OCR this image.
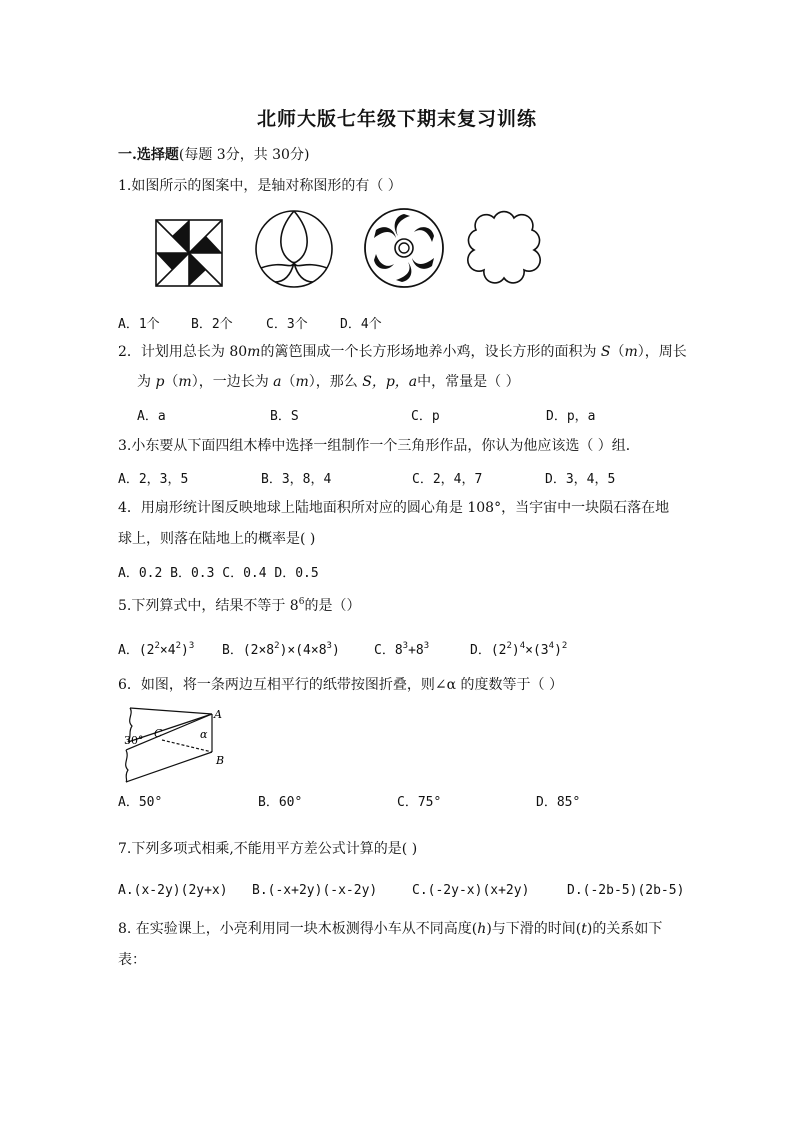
北师大版七年级下期末复习训练
一.选择题(每题 3分，共 30分)
1.如图所示的图案中，是轴对称图形的有（ ）
A．1个 B．2个	C．3个 D．4个
2．计划用总长为 80m的篱笆围成一个长方形场地养小鸡，设长方形的面积为 S（m），周长
为 p（m），一边长为 a（m），那么 S，p，a中，常量是（ ）
A．a	B．S	C．p	D．p，a
3.小东要从下面四组木棒中选择一组制作一个三角形作品，你认为他应该选（ ）组．
A．2，3，5	B．3，8，4	C．2，4，7	D．3，4，5
4．用扇形统计图反映地球上陆地面积所对应的圆心角是 108°，当宇宙中一块陨石落在地
球上，则落在陆地上的概率是( )
A．0.2 B．0.3 C．0.4 D．0.5
5.下列算式中，结果不等于 $8^6$的是（）
A．$(2^2\times 4^2)^3$ B．$(2\times 8^2)\times(4\times 8^3)$	C．$8^3+8^3$	D．$(2^2)^4\times(3^4)^2$
6．如图，将一条两边互相平行的纸带按图折叠，则∠α 的度数等于（ ）
30°
C
A
B
α
A．50°	B．60°	C．75°	D．85°
7.下列多项式相乘,不能用平方差公式计算的是( )
A.(x-2y)(2y+x) B.(-x+2y)(-x-2y)	C.(-2y-x)(x+2y)	D.(-2b-5)(2b-5)
8. 在实验课上，小亮利用同一块木板测得小车从不同高度(h)与下滑的时间(t)的关系如下
表：
